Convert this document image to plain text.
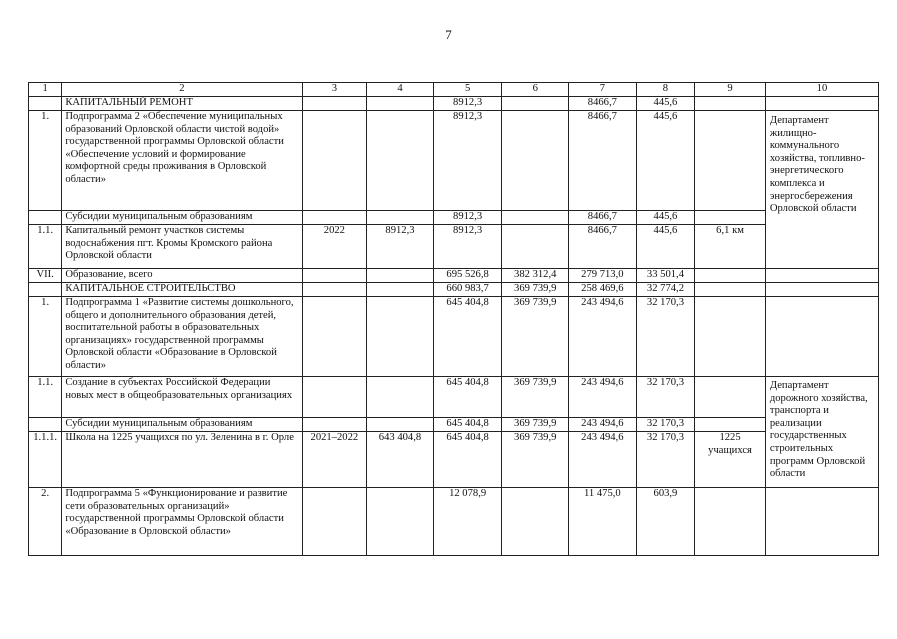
7
1	2	3	4	5	6	7	8	9	10
	КАПИТАЛЬНЫЙ РЕМОНТ			8912,3		8466,7	445,6		
1.	Подпрограмма 2 «Обеспечение муниципальных образований Орловской области чистой водой» государственной программы Орловской области «Обеспечение условий и формирование комфортной среды проживания в Орловской области»			8912,3		8466,7	445,6		Департамент жилищно-коммунального хозяйства, топливно-энергетического комплекса и энергосбережения Орловской области
	Субсидии муниципальным образованиям			8912,3		8466,7	445,6		
1.1.	Капитальный ремонт участков системы водоснабжения пгт. Кромы Кромского района Орловской области	2022	8912,3	8912,3		8466,7	445,6	6,1 км	
VII.	Образование, всего			695 526,8	382 312,4	279 713,0	33 501,4		
	КАПИТАЛЬНОЕ СТРОИТЕЛЬСТВО			660 983,7	369 739,9	258 469,6	32 774,2		
1.	Подпрограмма 1 «Развитие системы дошкольного, общего и дополнительного образования детей, воспитательной работы в образовательных организациях» государственной программы Орловской области «Образование в Орловской области»			645 404,8	369 739,9	243 494,6	32 170,3		
1.1.	Создание в субъектах Российской Федерации новых мест в общеобразовательных организациях			645 404,8	369 739,9	243 494,6	32 170,3		Департамент дорожного хозяйства, транспорта и реализации государственных строительных программ Орловской области
	Субсидии муниципальным образованиям			645 404,8	369 739,9	243 494,6	32 170,3		
1.1.1.	Школа на 1225 учащихся по ул. Зеленина в г. Орле	2021–2022	643 404,8	645 404,8	369 739,9	243 494,6	32 170,3	1225 учащихся	
2.	Подпрограмма 5 «Функционирование и развитие сети образовательных организаций» государственной программы Орловской области «Образование в Орловской области»			12 078,9		11 475,0	603,9		
